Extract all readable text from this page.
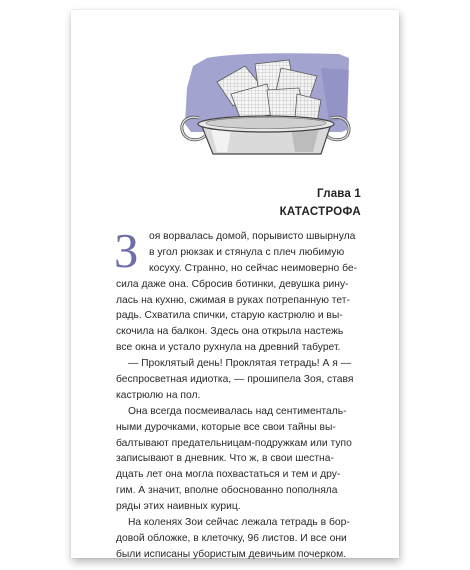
Глава 1
КАТАСТРОФА
З	оя ворвалась домой, порывисто швырнула
в угол рюкзак и стянула с плеч любимую
косуху. Странно, но сейчас неимоверно бе-
сила даже она. Сбросив ботинки, девушка рину-
лась на кухню, сжимая в руках потрепанную тет-
радь. Схватила спички, старую кастрюлю и вы-
скочила на балкон. Здесь она открыла настежь
все окна и устало рухнула на древний табурет.
— Проклятый день! Проклятая тетрадь! А я —
беспросветная идиотка, — прошипела Зоя, ставя
кастрюлю на пол.
Она всегда посмеивалась над сентименталь-
ными дурочками, которые все свои тайны вы-
балтывают предательницам-подружкам или тупо
записывают в дневник. Что ж, в свои шестна-
дцать лет она могла похвастаться и тем и дру-
гим. А значит, вполне обоснованно пополняла
ряды этих наивных куриц.
На коленях Зои сейчас лежала тетрадь в бор-
довой обложке, в клеточку, 96 листов. И все они
были исписаны убористым девичьим почерком.
